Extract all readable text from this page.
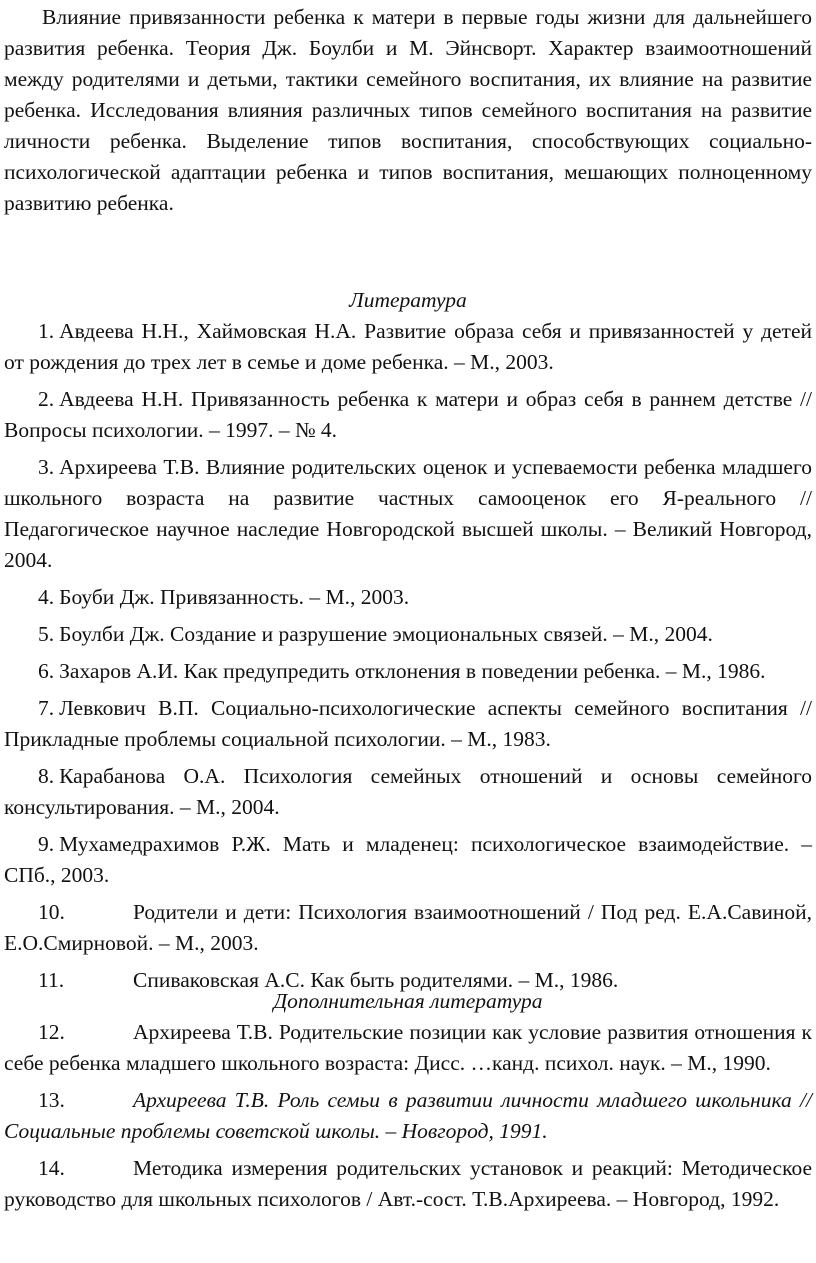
Влияние привязанности ребенка к матери в первые годы жизни для дальнейшего развития ребенка. Теория Дж. Боулби и М. Эйнсворт. Характер взаимоотношений между родителями и детьми, тактики семейного воспитания, их влияние на развитие ребенка. Исследования влияния различных типов семейного воспитания на развитие личности ребенка. Выделение типов воспитания, способствующих социально-психологической адаптации ребенка и типов воспитания, мешающих полноценному развитию ребенка.

Литература

1. Авдеева Н.Н., Хаймовская Н.А. Развитие образа себя и привязанностей у детей от рождения до трех лет в семье и доме ребенка. – М., 2003.
2. Авдеева Н.Н. Привязанность ребенка к матери и образ себя в раннем детстве // Вопросы психологии. – 1997. – № 4.
3. Архиреева Т.В. Влияние родительских оценок и успеваемости ребенка младшего школьного возраста на развитие частных самооценок его Я-реального // Педагогическое научное наследие Новгородской высшей школы. – Великий Новгород, 2004.
4. Боуби Дж. Привязанность. – М., 2003.
5. Боулби Дж. Создание и разрушение эмоциональных связей. – М., 2004.
6. Захаров А.И. Как предупредить отклонения в поведении ребенка. – М., 1986.
7. Левкович В.П. Социально-психологические аспекты семейного воспитания // Прикладные проблемы социальной психологии. – М., 1983.
8. Карабанова О.А. Психология семейных отношений и основы семейного консультирования. – М., 2004.
9. Мухамедрахимов Р.Ж. Мать и младенец: психологическое взаимодействие. – СПб., 2003.
10.	Родители и дети: Психология взаимоотношений / Под ред. Е.А.Савиной, Е.О.Смирновой. – М., 2003.
11.	Спиваковская А.С. Как быть родителями. – М., 1986.

Дополнительная литература

12.	Архиреева Т.В. Родительские позиции как условие развития отношения к себе ребенка младшего школьного возраста: Дисс. …канд. психол. наук. – М., 1990.
13.	Архиреева Т.В. Роль семьи в развитии личности младшего школьника // Социальные проблемы советской школы. – Новгород, 1991.
14.	Методика измерения родительских установок и реакций: Методическое руководство для школьных психологов / Авт.-сост. Т.В.Архиреева. – Новгород, 1992.
